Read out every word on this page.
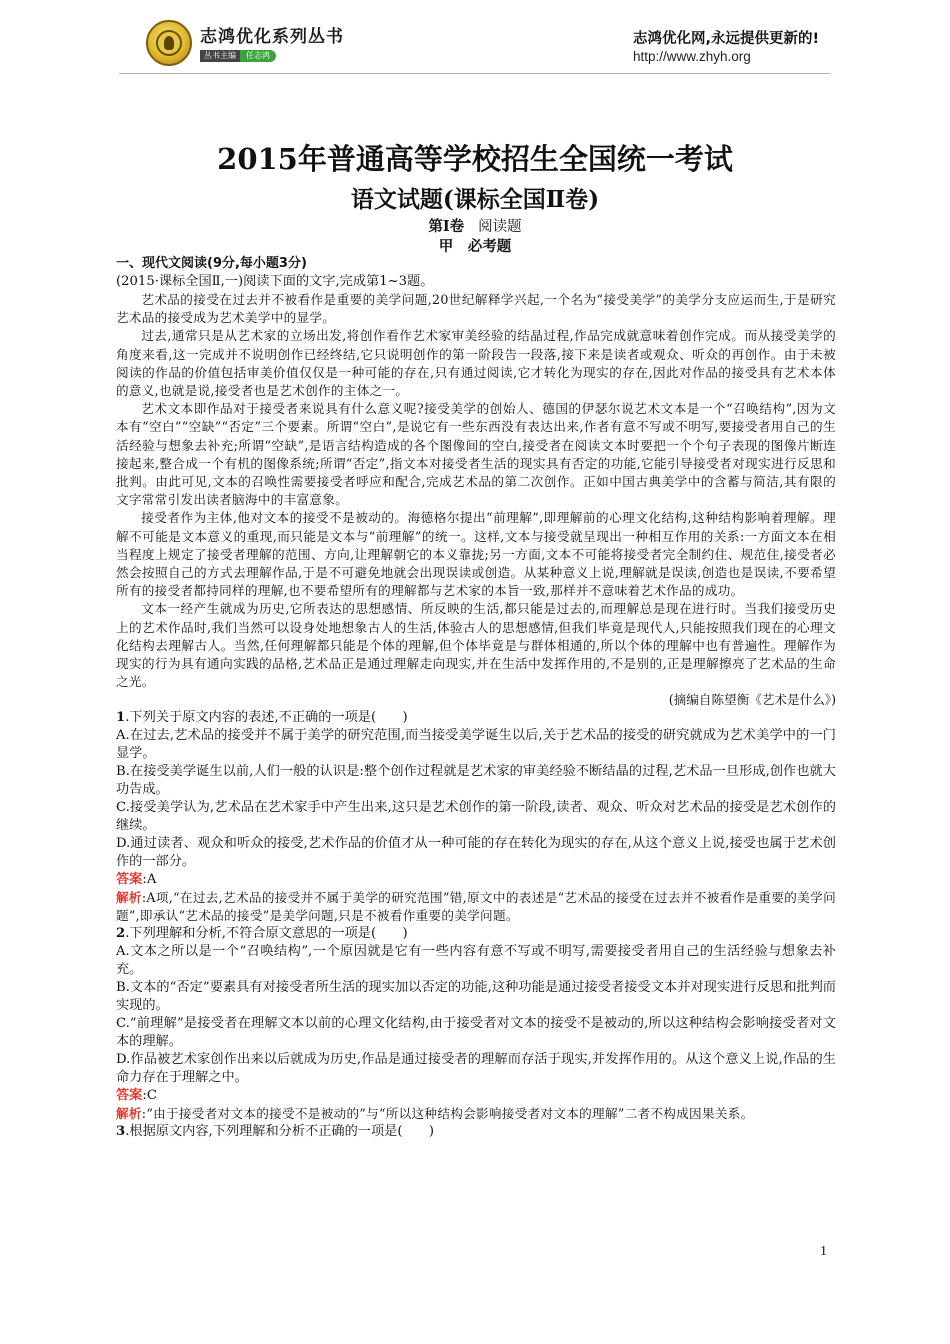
志鸿优化系列丛书
丛书主编	任志鸿
志鸿优化网,永远提供更新的!
http://www.zhyh.org
2015年普通高等学校招生全国统一考试
语文试题(课标全国Ⅱ卷)
第Ⅰ卷 阅读题
甲　必考题

一、现代文阅读(9分,每小题3分)

(2015·课标全国Ⅱ,一)阅读下面的文字,完成第1~3题。

艺术品的接受在过去并不被看作是重要的美学问题,20世纪解释学兴起,一个名为“接受美学”的美学分支应运而生,于是研究艺术品的接受成为艺术美学中的显学。

过去,通常只是从艺术家的立场出发,将创作看作艺术家审美经验的结晶过程,作品完成就意味着创作完成。而从接受美学的角度来看,这一完成并不说明创作已经终结,它只说明创作的第一阶段告一段落,接下来是读者或观众、听众的再创作。由于未被阅读的作品的价值包括审美价值仅仅是一种可能的存在,只有通过阅读,它才转化为现实的存在,因此对作品的接受具有艺术本体的意义,也就是说,接受者也是艺术创作的主体之一。

艺术文本即作品对于接受者来说具有什么意义呢?接受美学的创始人、德国的伊瑟尔说艺术文本是一个“召唤结构”,因为文本有“空白”“空缺”“否定”三个要素。所谓“空白”,是说它有一些东西没有表达出来,作者有意不写或不明写,要接受者用自己的生活经验与想象去补充;所谓“空缺”,是语言结构造成的各个图像间的空白,接受者在阅读文本时要把一个个句子表现的图像片断连接起来,整合成一个有机的图像系统;所谓“否定”,指文本对接受者生活的现实具有否定的功能,它能引导接受者对现实进行反思和批判。由此可见,文本的召唤性需要接受者呼应和配合,完成艺术品的第二次创作。正如中国古典美学中的含蓄与简洁,其有限的文字常常引发出读者脑海中的丰富意象。

接受者作为主体,他对文本的接受不是被动的。海德格尔提出“前理解”,即理解前的心理文化结构,这种结构影响着理解。理解不可能是文本意义的重现,而只能是文本与“前理解”的统一。这样,文本与接受就呈现出一种相互作用的关系:一方面文本在相当程度上规定了接受者理解的范围、方向,让理解朝它的本义靠拢;另一方面,文本不可能将接受者完全制约住、规范住,接受者必然会按照自己的方式去理解作品,于是不可避免地就会出现误读或创造。从某种意义上说,理解就是误读,创造也是误读,不要希望所有的接受者都持同样的理解,也不要希望所有的理解都与艺术家的本旨一致,那样并不意味着艺术作品的成功。

文本一经产生就成为历史,它所表达的思想感情、所反映的生活,都只能是过去的,而理解总是现在进行时。当我们接受历史上的艺术作品时,我们当然可以设身处地想象古人的生活,体验古人的思想感情,但我们毕竟是现代人,只能按照我们现在的心理文化结构去理解古人。当然,任何理解都只能是个体的理解,但个体毕竟是与群体相通的,所以个体的理解中也有普遍性。理解作为现实的行为具有通向实践的品格,艺术品正是通过理解走向现实,并在生活中发挥作用的,不是别的,正是理解擦亮了艺术品的生命之光。

(摘编自陈望衡《艺术是什么》)

1.下列关于原文内容的表述,不正确的一项是(　　)

A.在过去,艺术品的接受并不属于美学的研究范围,而当接受美学诞生以后,关于艺术品的接受的研究就成为艺术美学中的一门显学。

B.在接受美学诞生以前,人们一般的认识是:整个创作过程就是艺术家的审美经验不断结晶的过程,艺术品一旦形成,创作也就大功告成。

C.接受美学认为,艺术品在艺术家手中产生出来,这只是艺术创作的第一阶段,读者、观众、听众对艺术品的接受是艺术创作的继续。

D.通过读者、观众和听众的接受,艺术作品的价值才从一种可能的存在转化为现实的存在,从这个意义上说,接受也属于艺术创作的一部分。

答案:A

解析:A项,“在过去,艺术品的接受并不属于美学的研究范围”错,原文中的表述是“艺术品的接受在过去并不被看作是重要的美学问题”,即承认“艺术品的接受”是美学问题,只是不被看作重要的美学问题。

2.下列理解和分析,不符合原文意思的一项是(　　)

A.文本之所以是一个“召唤结构”,一个原因就是它有一些内容有意不写或不明写,需要接受者用自己的生活经验与想象去补充。

B.文本的“否定”要素具有对接受者所生活的现实加以否定的功能,这种功能是通过接受者接受文本并对现实进行反思和批判而实现的。

C.“前理解”是接受者在理解文本以前的心理文化结构,由于接受者对文本的接受不是被动的,所以这种结构会影响接受者对文本的理解。

D.作品被艺术家创作出来以后就成为历史,作品是通过接受者的理解而存活于现实,并发挥作用的。从这个意义上说,作品的生命力存在于理解之中。

答案:C

解析:“由于接受者对文本的接受不是被动的”与“所以这种结构会影响接受者对文本的理解”二者不构成因果关系。

3.根据原文内容,下列理解和分析不正确的一项是(　　)

1
